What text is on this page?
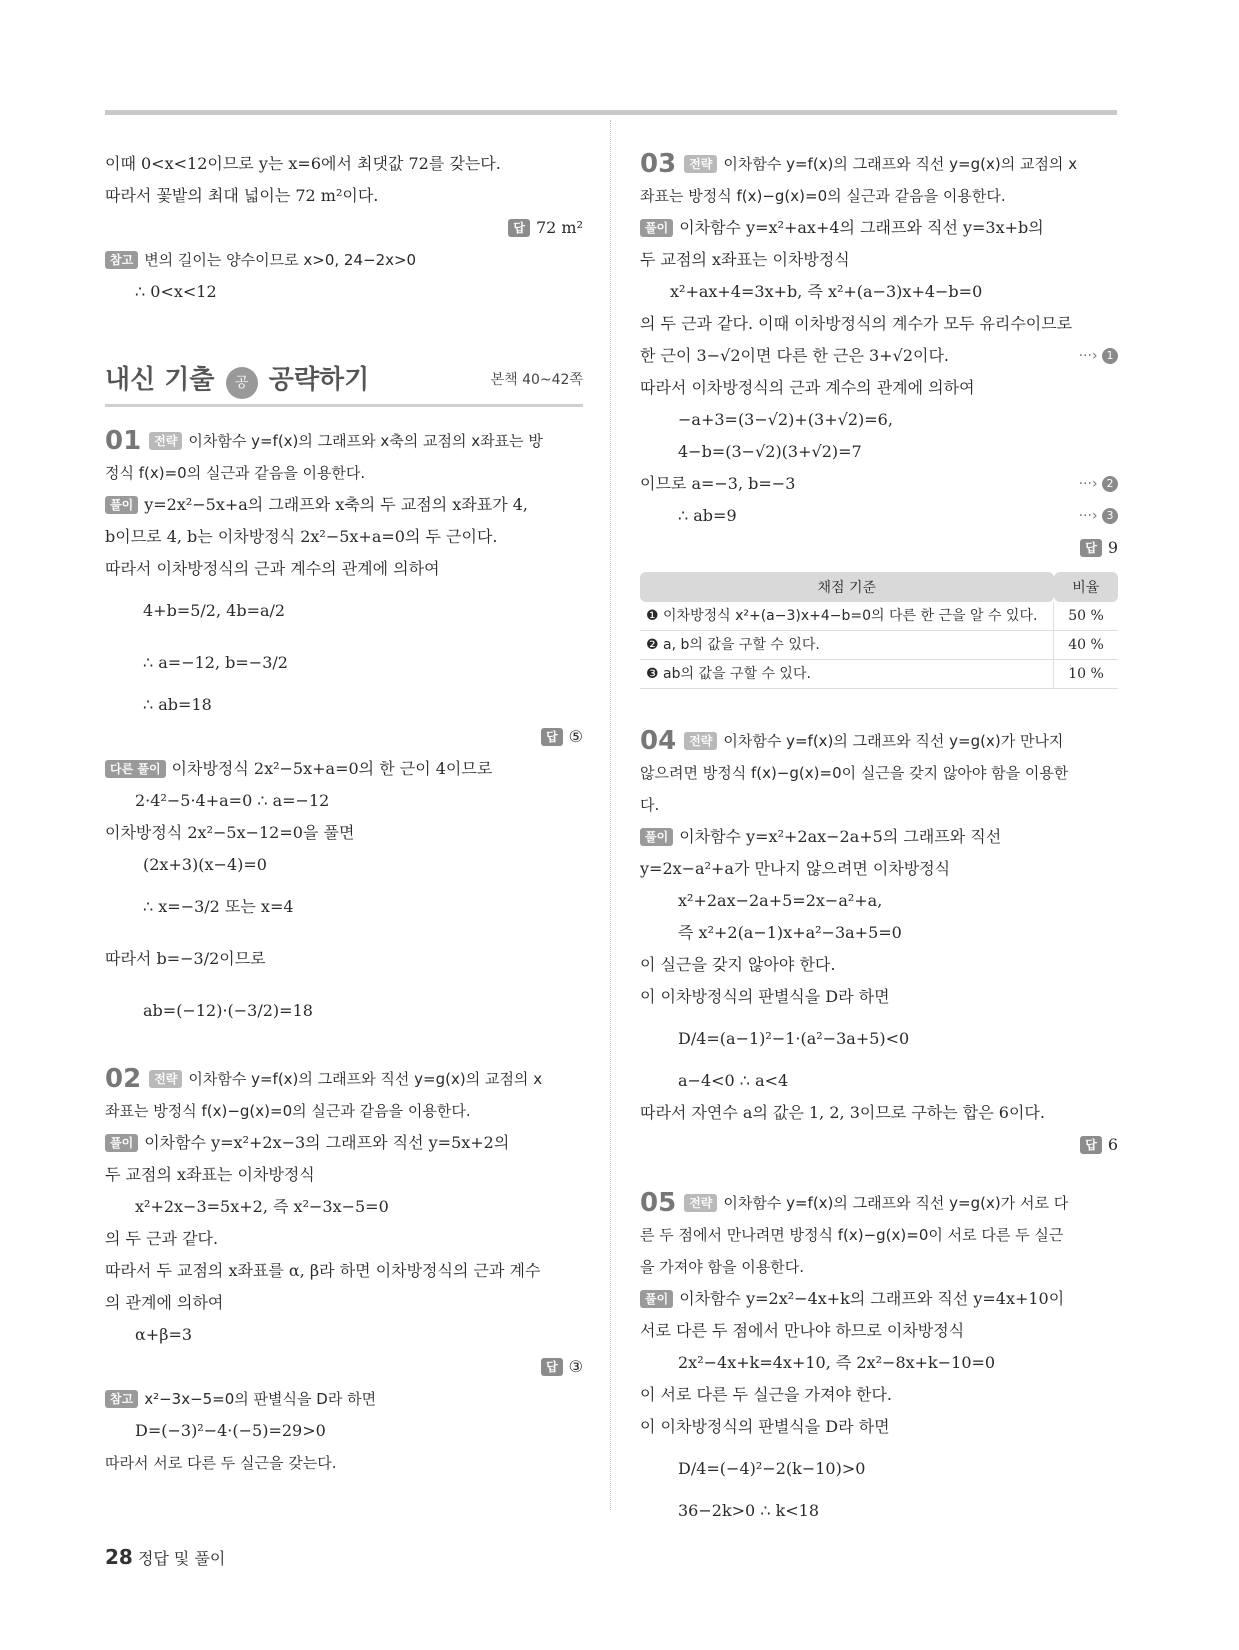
이때 0<x<12이므로 y는 x=6에서 최댓값 72를 갖는다.
따라서 꽃밭의 최대 넓이는 72 m²이다.
답 72 m²
참고 변의 길이는 양수이므로 x>0, 24−2x>0
∴ 0<x<12
내신 기출 공 공략하기	본책 40~42쪽
01 전략 이차함수 y=f(x)의 그래프와 x축의 교점의 x좌표는 방
정식 f(x)=0의 실근과 같음을 이용한다.
풀이 y=2x²−5x+a의 그래프와 x축의 두 교점의 x좌표가 4,
b이므로 4, b는 이차방정식 2x²−5x+a=0의 두 근이다.
따라서 이차방정식의 근과 계수의 관계에 의하여
4+b=5/2, 4b=a/2
∴ a=−12, b=−3/2
∴ ab=18
답 ⑤
다른 풀이 이차방정식 2x²−5x+a=0의 한 근이 4이므로
2·4²−5·4+a=0 ∴ a=−12
이차방정식 2x²−5x−12=0을 풀면
(2x+3)(x−4)=0
∴ x=−3/2 또는 x=4
따라서 b=−3/2이므로
ab=(−12)·(−3/2)=18
02 전략 이차함수 y=f(x)의 그래프와 직선 y=g(x)의 교점의 x
좌표는 방정식 f(x)−g(x)=0의 실근과 같음을 이용한다.
풀이 이차함수 y=x²+2x−3의 그래프와 직선 y=5x+2의
두 교점의 x좌표는 이차방정식
x²+2x−3=5x+2, 즉 x²−3x−5=0
의 두 근과 같다.
따라서 두 교점의 x좌표를 α, β라 하면 이차방정식의 근과 계수
의 관계에 의하여
α+β=3
답 ③
참고 x²−3x−5=0의 판별식을 D라 하면
D=(−3)²−4·(−5)=29>0
따라서 서로 다른 두 실근을 갖는다.
03 전략 이차함수 y=f(x)의 그래프와 직선 y=g(x)의 교점의 x
좌표는 방정식 f(x)−g(x)=0의 실근과 같음을 이용한다.
풀이 이차함수 y=x²+ax+4의 그래프와 직선 y=3x+b의
두 교점의 x좌표는 이차방정식
x²+ax+4=3x+b, 즉 x²+(a−3)x+4−b=0
의 두 근과 같다. 이때 이차방정식의 계수가 모두 유리수이므로
한 근이 3−√2이면 다른 한 근은 3+√2이다.	···› 1
따라서 이차방정식의 근과 계수의 관계에 의하여
−a+3=(3−√2)+(3+√2)=6,
4−b=(3−√2)(3+√2)=7
이므로 a=−3, b=−3	···› 2
∴ ab=9	···› 3
답 9
채점 기준	비율
❶ 이차방정식 x²+(a−3)x+4−b=0의 다른 한 근을 알 수 있다.	50 %
❷ a, b의 값을 구할 수 있다.	40 %
❸ ab의 값을 구할 수 있다.	10 %
04 전략 이차함수 y=f(x)의 그래프와 직선 y=g(x)가 만나지
않으려면 방정식 f(x)−g(x)=0이 실근을 갖지 않아야 함을 이용한
다.
풀이 이차함수 y=x²+2ax−2a+5의 그래프와 직선
y=2x−a²+a가 만나지 않으려면 이차방정식
x²+2ax−2a+5=2x−a²+a,
즉 x²+2(a−1)x+a²−3a+5=0
이 실근을 갖지 않아야 한다.
이 이차방정식의 판별식을 D라 하면
D/4=(a−1)²−1·(a²−3a+5)<0
a−4<0 ∴ a<4
따라서 자연수 a의 값은 1, 2, 3이므로 구하는 합은 6이다.
답 6
05 전략 이차함수 y=f(x)의 그래프와 직선 y=g(x)가 서로 다
른 두 점에서 만나려면 방정식 f(x)−g(x)=0이 서로 다른 두 실근
을 가져야 함을 이용한다.
풀이 이차함수 y=2x²−4x+k의 그래프와 직선 y=4x+10이
서로 다른 두 점에서 만나야 하므로 이차방정식
2x²−4x+k=4x+10, 즉 2x²−8x+k−10=0
이 서로 다른 두 실근을 가져야 한다.
이 이차방정식의 판별식을 D라 하면
D/4=(−4)²−2(k−10)>0
36−2k>0 ∴ k<18
28 정답 및 풀이
